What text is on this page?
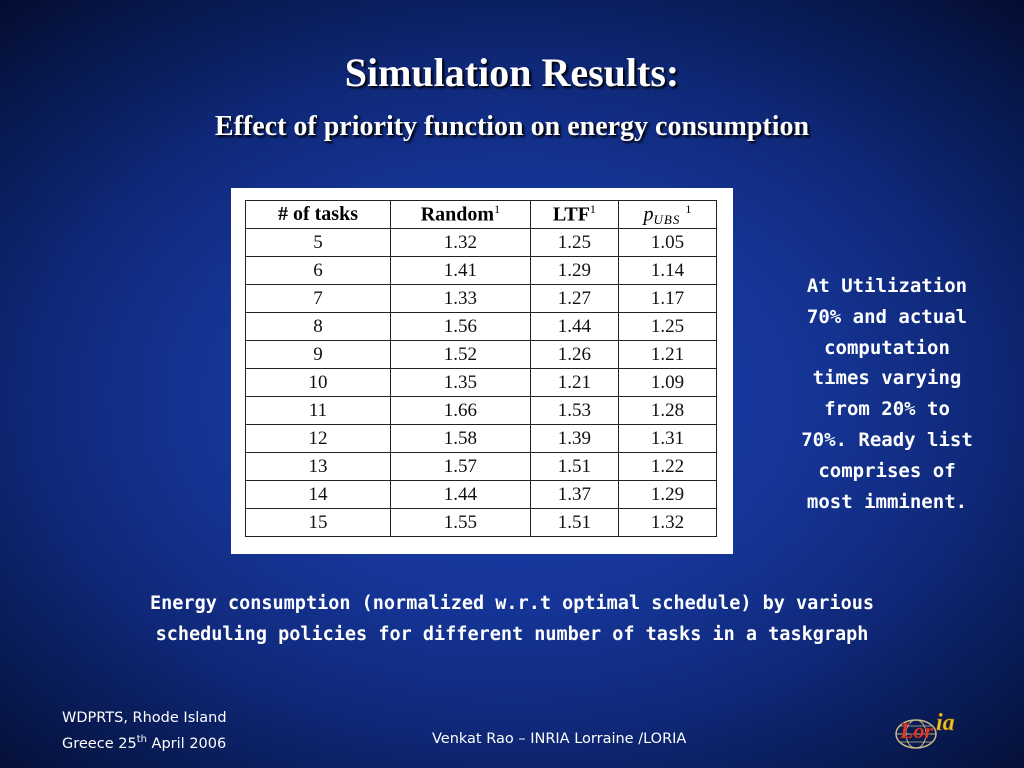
Simulation Results:
Effect of priority function on energy consumption
# of tasks	Random$^1$	LTF$^1$	pUBS $^1$
5	1.32	1.25	1.05
6	1.41	1.29	1.14
7	1.33	1.27	1.17
8	1.56	1.44	1.25
9	1.52	1.26	1.21
10	1.35	1.21	1.09
11	1.66	1.53	1.28
12	1.58	1.39	1.31
13	1.57	1.51	1.22
14	1.44	1.37	1.29
15	1.55	1.51	1.32
At Utilization
70% and actual
computation
times varying
from 20% to
70%. Ready list
comprises of
most imminent.
Energy consumption (normalized w.r.t optimal schedule) by various
scheduling policies for different number of tasks in a taskgraph
WDPRTS, Rhode Island
Greece 25th April 2006	Venkat Rao – INRIA Lorraine /LORIA	Lor ia
